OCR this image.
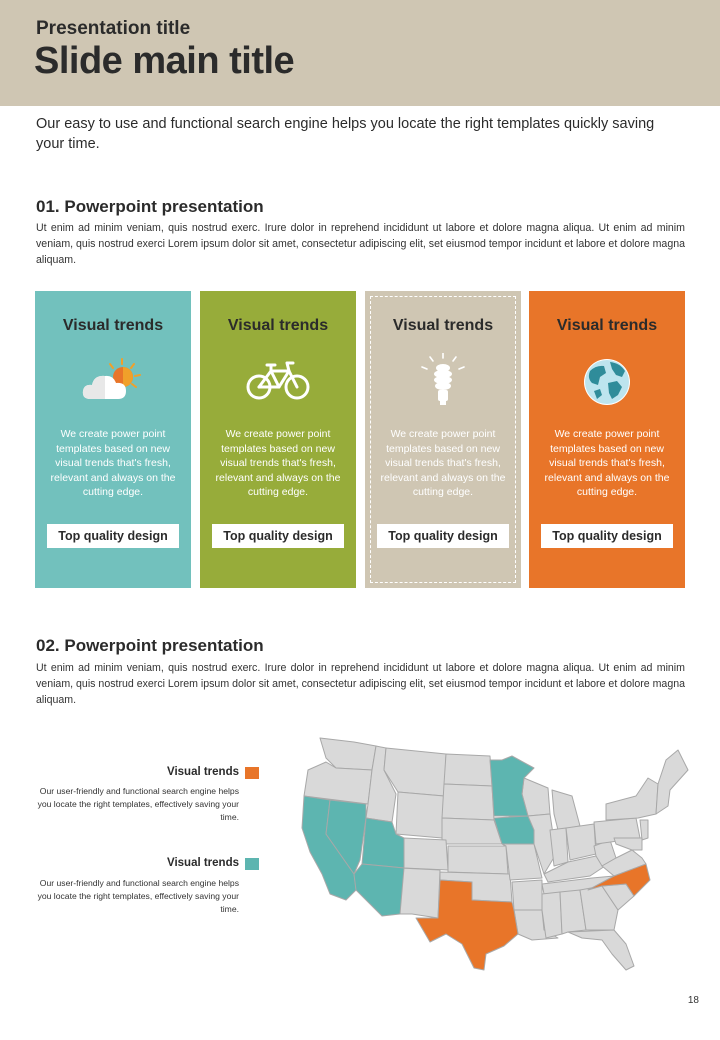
Presentation title
Slide main title
Our easy to use and functional search engine helps you locate the right templates quickly saving your time.
01. Powerpoint presentation
Ut enim ad minim veniam, quis nostrud exerc. Irure dolor in reprehend incididunt ut labore et dolore magna aliqua. Ut enim ad minim veniam, quis nostrud exerci Lorem ipsum dolor sit amet, consectetur adipiscing elit, set eiusmod tempor incidunt et labore et dolore magna aliquam.
Visual trends
We create power point templates based on new visual trends that's fresh, relevant and always on the cutting edge.
Top quality design
Visual trends
We create power point templates based on new visual trends that's fresh, relevant and always on the cutting edge.
Top quality design
Visual trends
We create power point templates based on new visual trends that's fresh, relevant and always on the cutting edge.
Top quality design
Visual trends
We create power point templates based on new visual trends that's fresh, relevant and always on the cutting edge.
Top quality design
02. Powerpoint presentation
Ut enim ad minim veniam, quis nostrud exerc. Irure dolor in reprehend incididunt ut labore et dolore magna aliqua. Ut enim ad minim veniam, quis nostrud exerci Lorem ipsum dolor sit amet, consectetur adipiscing elit, set eiusmod tempor incidunt et labore et dolore magna aliquam.
Visual trends
Our user-friendly and functional search engine helps you locate the right templates, effectively saving your time.
Visual trends
Our user-friendly and functional search engine helps you locate the right templates, effectively saving your time.
18
